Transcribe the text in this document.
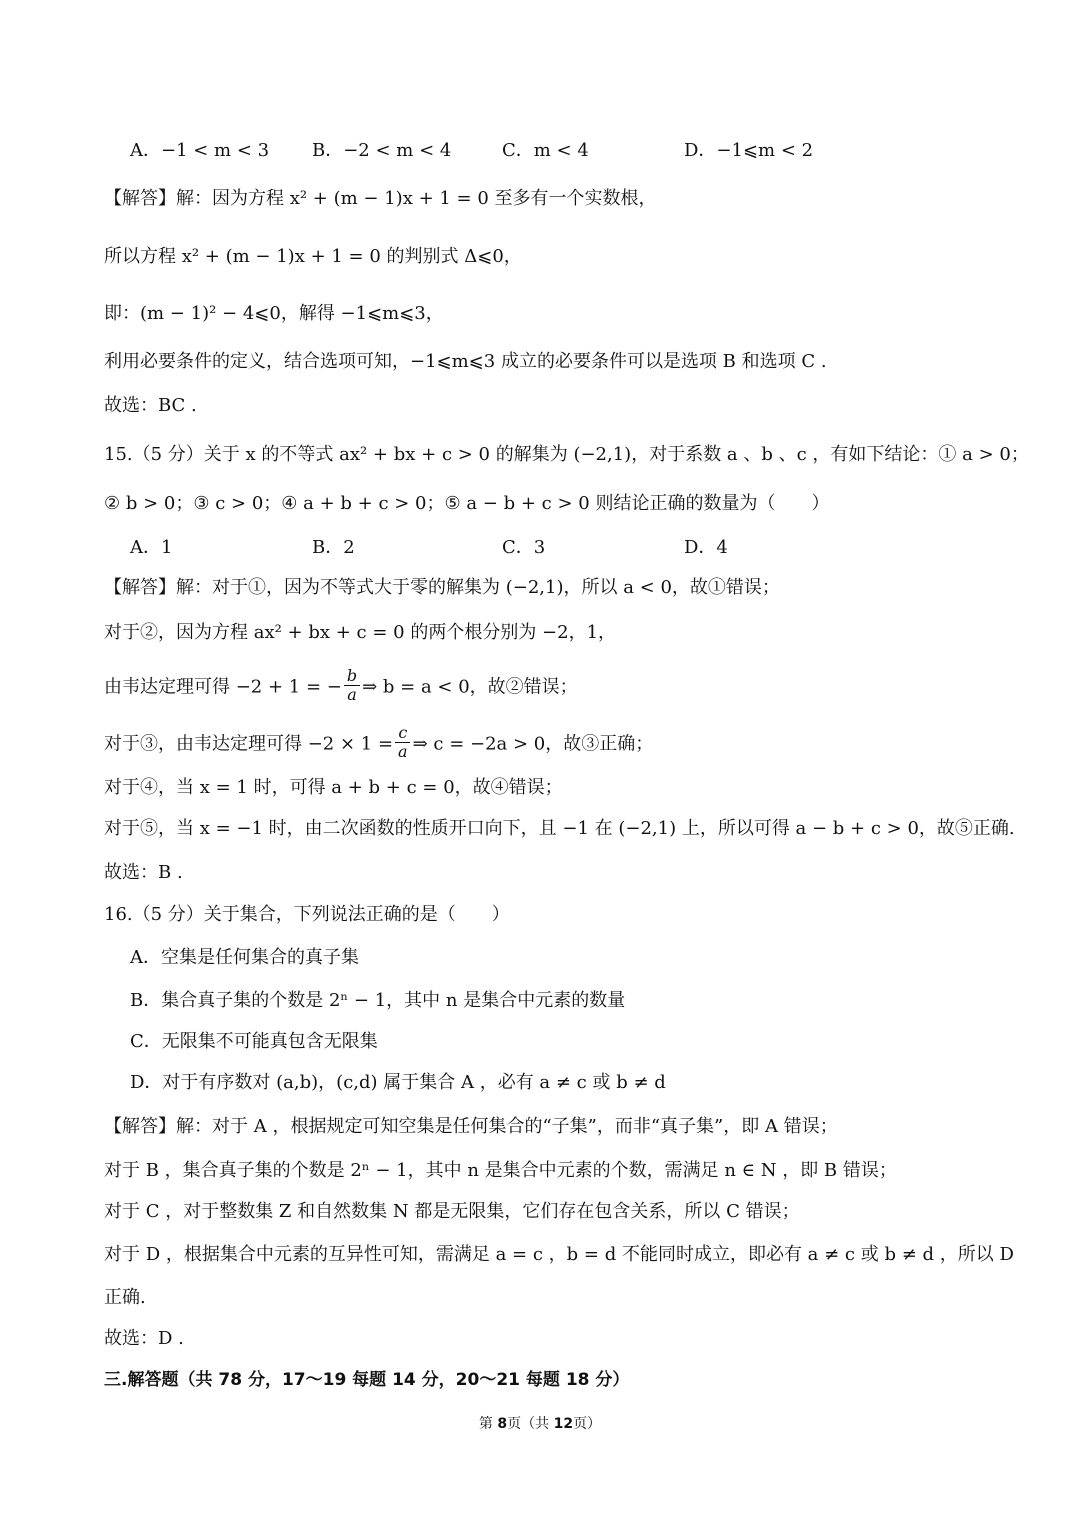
A．−1 < m < 3 B．−2 < m < 4	C．m < 4	D．−1⩽m < 2
【解答】解：因为方程 x² + (m − 1)x + 1 = 0 至多有一个实数根，
所以方程 x² + (m − 1)x + 1 = 0 的判别式 Δ⩽0，
即：(m − 1)² − 4⩽0，解得 −1⩽m⩽3，
利用必要条件的定义，结合选项可知，−1⩽m⩽3 成立的必要条件可以是选项 B 和选项 C .
故选：BC .
15.（5 分）关于 x 的不等式 ax² + bx + c > 0 的解集为 (−2,1)，对于系数 a 、b 、c ，有如下结论：① a > 0；
② b > 0；③ c > 0；④ a + b + c > 0；⑤ a − b + c > 0 则结论正确的数量为（　　）
A．1	B．2	C．3	D．4
【解答】解：对于①，因为不等式大于零的解集为 (−2,1)，所以 a < 0，故①错误；
对于②，因为方程 ax² + bx + c = 0 的两个根分别为 −2，1，
由韦达定理可得 −2 + 1 = − $\frac{b}{a}$ ⇒ b = a < 0，故②错误；
对于③，由韦达定理可得 $-2 \times 1 = \frac{c}{a}$ ⇒ c = −2a > 0，故③正确；
对于④，当 x = 1 时，可得 a + b + c = 0，故④错误；
对于⑤，当 x = −1 时，由二次函数的性质开口向下，且 −1 在 (−2,1) 上，所以可得 a − b + c > 0，故⑤正确.
故选：B .
16.（5 分）关于集合，下列说法正确的是（　　）
A．空集是任何集合的真子集
B．集合真子集的个数是 2ⁿ − 1，其中 n 是集合中元素的数量
C．无限集不可能真包含无限集
D．对于有序数对 (a,b)，(c,d) 属于集合 A ，必有 a ≠ c 或 b ≠ d
【解答】解：对于 A ，根据规定可知空集是任何集合的“子集”，而非“真子集”，即 A 错误；
对于 B ，集合真子集的个数是 2ⁿ − 1，其中 n 是集合中元素的个数，需满足 n ∈ N ，即 B 错误；
对于 C ，对于整数集 Z 和自然数集 N 都是无限集，它们存在包含关系，所以 C 错误；
对于 D ，根据集合中元素的互异性可知，需满足 a = c ，b = d 不能同时成立，即必有 a ≠ c 或 b ≠ d ，所以 D
正确.
故选：D .
三.解答题（共 78 分，17～19 每题 14 分，20～21 每题 18 分）
第 8页（共 12页）
